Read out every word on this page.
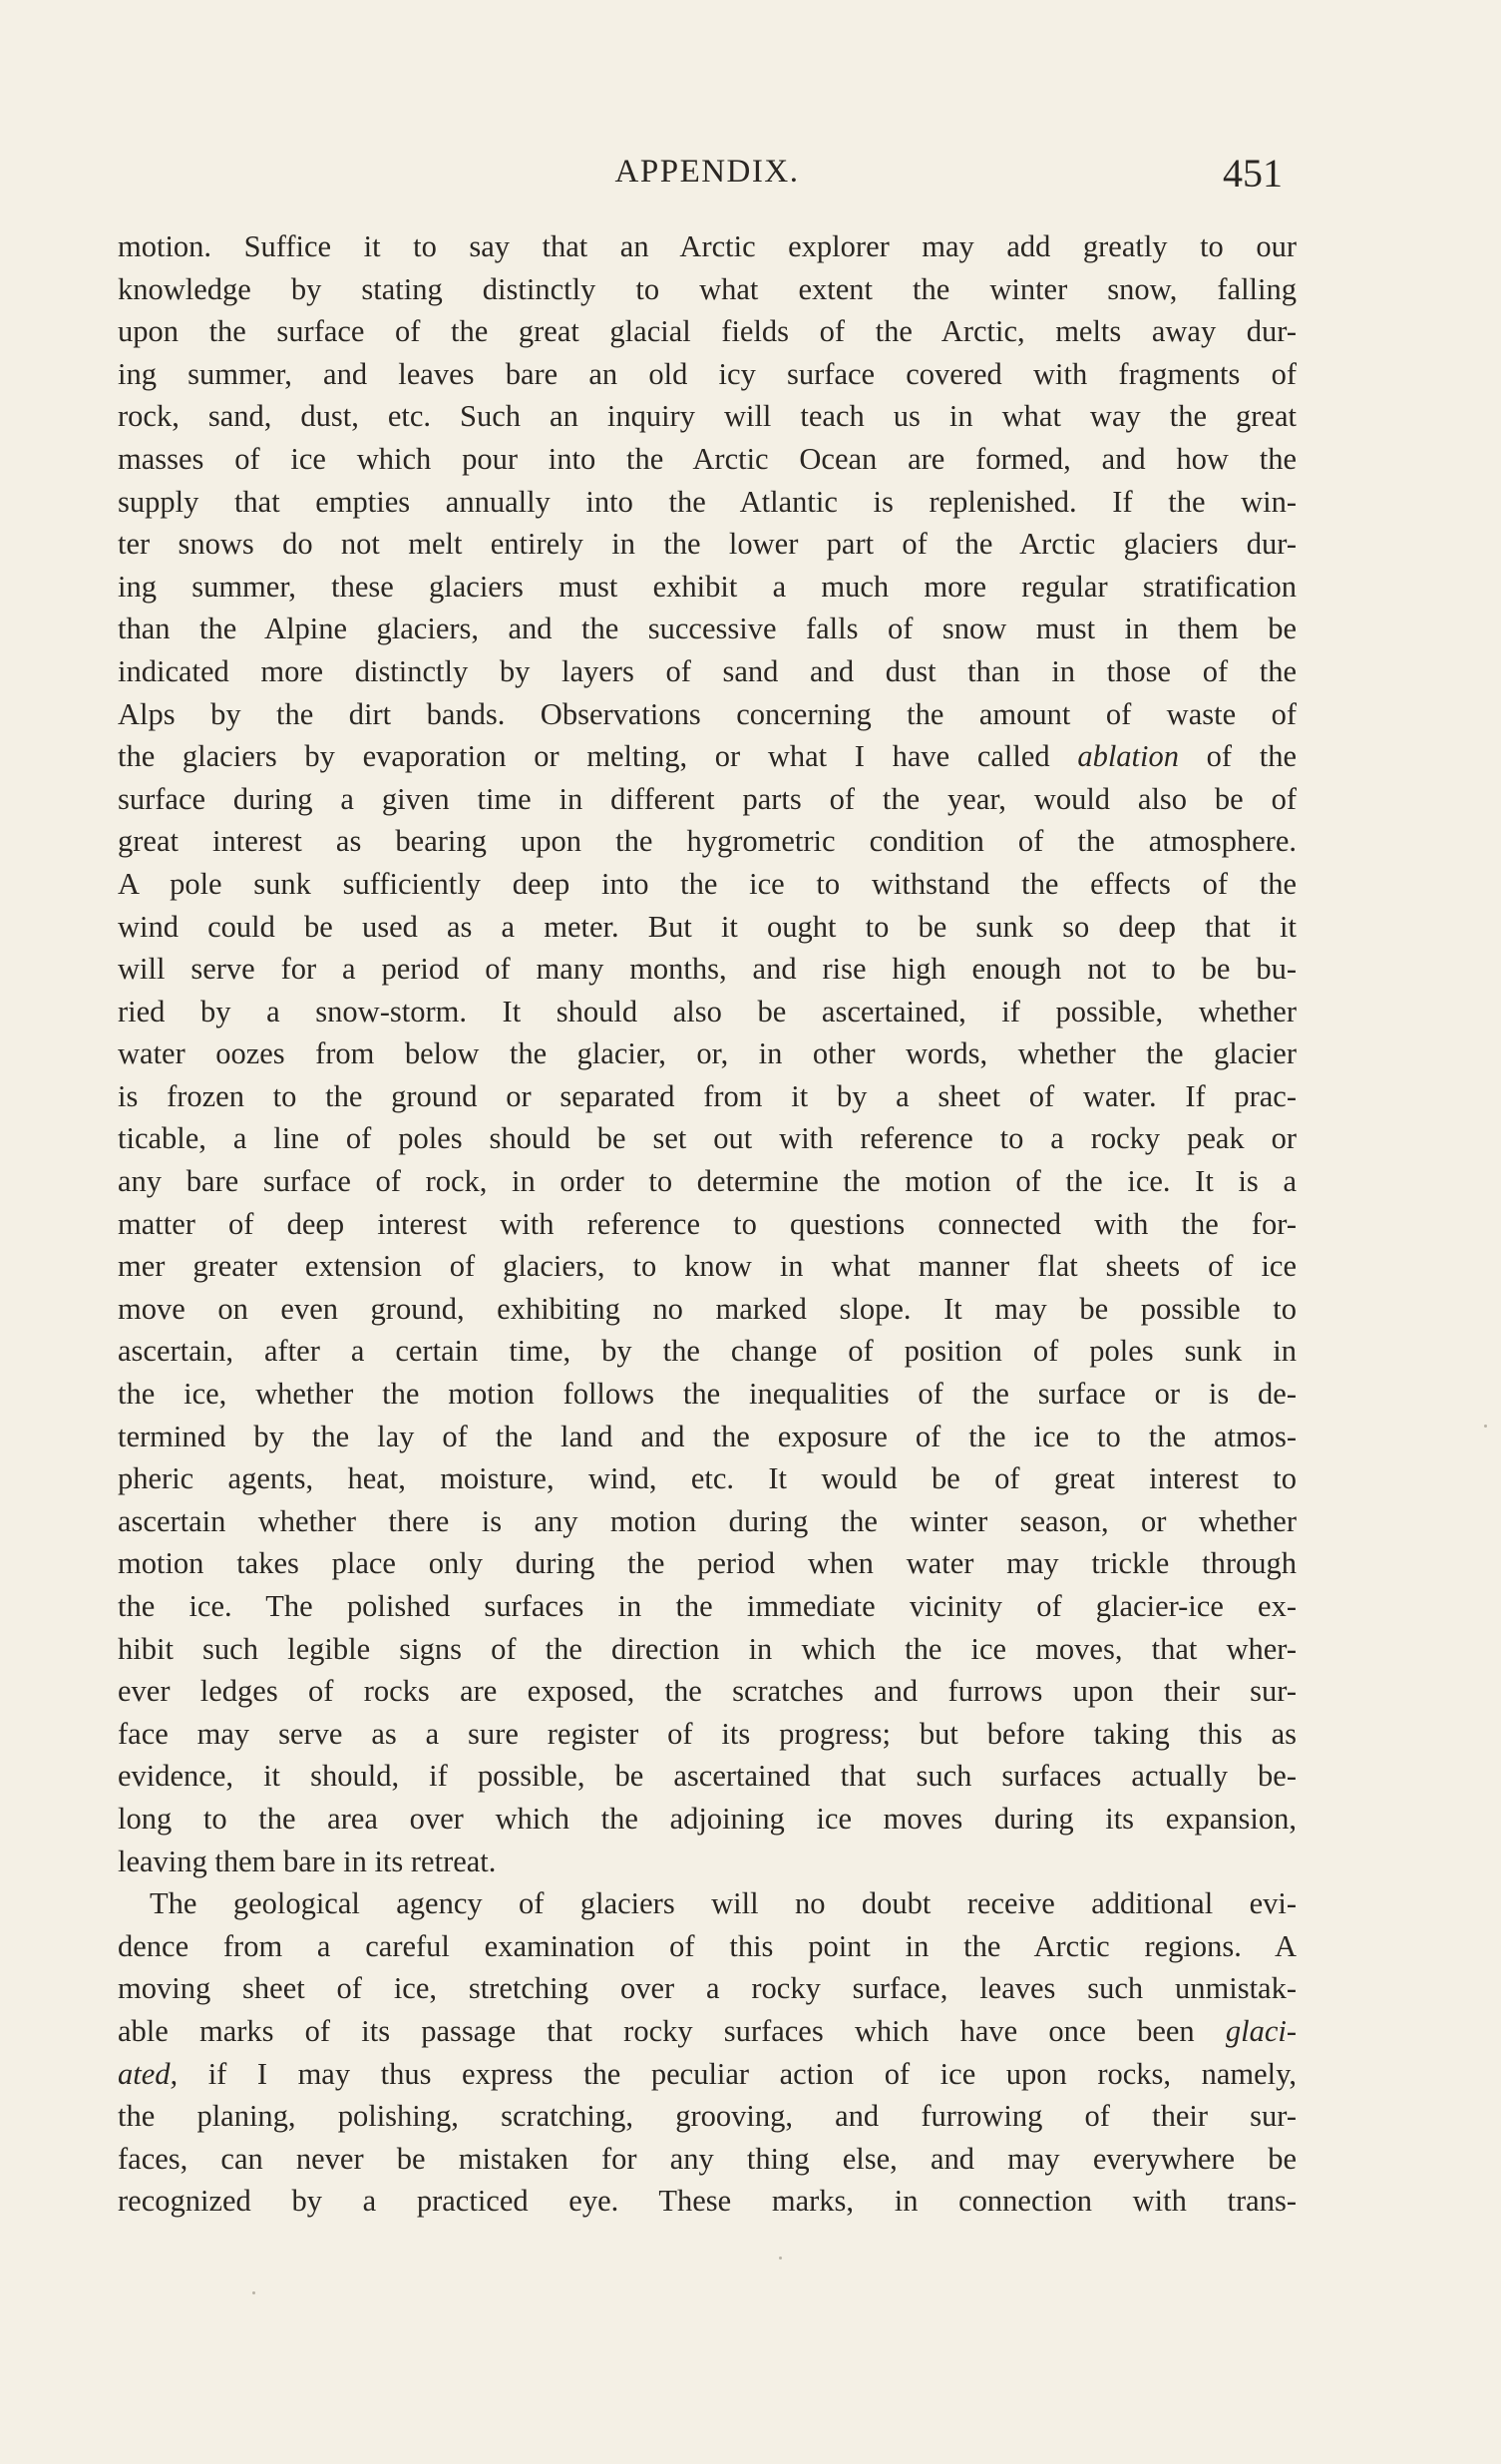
APPENDIX.	451
motion. Suffice it to say that an Arctic explorer may add greatly to our
knowledge by stating distinctly to what extent the winter snow, falling
upon the surface of the great glacial fields of the Arctic, melts away dur-
ing summer, and leaves bare an old icy surface covered with fragments of
rock, sand, dust, etc. Such an inquiry will teach us in what way the great
masses of ice which pour into the Arctic Ocean are formed, and how the
supply that empties annually into the Atlantic is replenished. If the win-
ter snows do not melt entirely in the lower part of the Arctic glaciers dur-
ing summer, these glaciers must exhibit a much more regular stratification
than the Alpine glaciers, and the successive falls of snow must in them be
indicated more distinctly by layers of sand and dust than in those of the
Alps by the dirt bands. Observations concerning the amount of waste of
the glaciers by evaporation or melting, or what I have called ablation of the
surface during a given time in different parts of the year, would also be of
great interest as bearing upon the hygrometric condition of the atmosphere.
A pole sunk sufficiently deep into the ice to withstand the effects of the
wind could be used as a meter. But it ought to be sunk so deep that it
will serve for a period of many months, and rise high enough not to be bu-
ried by a snow-storm. It should also be ascertained, if possible, whether
water oozes from below the glacier, or, in other words, whether the glacier
is frozen to the ground or separated from it by a sheet of water. If prac-
ticable, a line of poles should be set out with reference to a rocky peak or
any bare surface of rock, in order to determine the motion of the ice. It is a
matter of deep interest with reference to questions connected with the for-
mer greater extension of glaciers, to know in what manner flat sheets of ice
move on even ground, exhibiting no marked slope. It may be possible to
ascertain, after a certain time, by the change of position of poles sunk in
the ice, whether the motion follows the inequalities of the surface or is de-
termined by the lay of the land and the exposure of the ice to the atmos-
pheric agents, heat, moisture, wind, etc. It would be of great interest to
ascertain whether there is any motion during the winter season, or whether
motion takes place only during the period when water may trickle through
the ice. The polished surfaces in the immediate vicinity of glacier-ice ex-
hibit such legible signs of the direction in which the ice moves, that wher-
ever ledges of rocks are exposed, the scratches and furrows upon their sur-
face may serve as a sure register of its progress; but before taking this as
evidence, it should, if possible, be ascertained that such surfaces actually be-
long to the area over which the adjoining ice moves during its expansion,
leaving them bare in its retreat.
The geological agency of glaciers will no doubt receive additional evi-
dence from a careful examination of this point in the Arctic regions. A
moving sheet of ice, stretching over a rocky surface, leaves such unmistak-
able marks of its passage that rocky surfaces which have once been glaci-
ated, if I may thus express the peculiar action of ice upon rocks, namely,
the planing, polishing, scratching, grooving, and furrowing of their sur-
faces, can never be mistaken for any thing else, and may everywhere be
recognized by a practiced eye. These marks, in connection with trans-
